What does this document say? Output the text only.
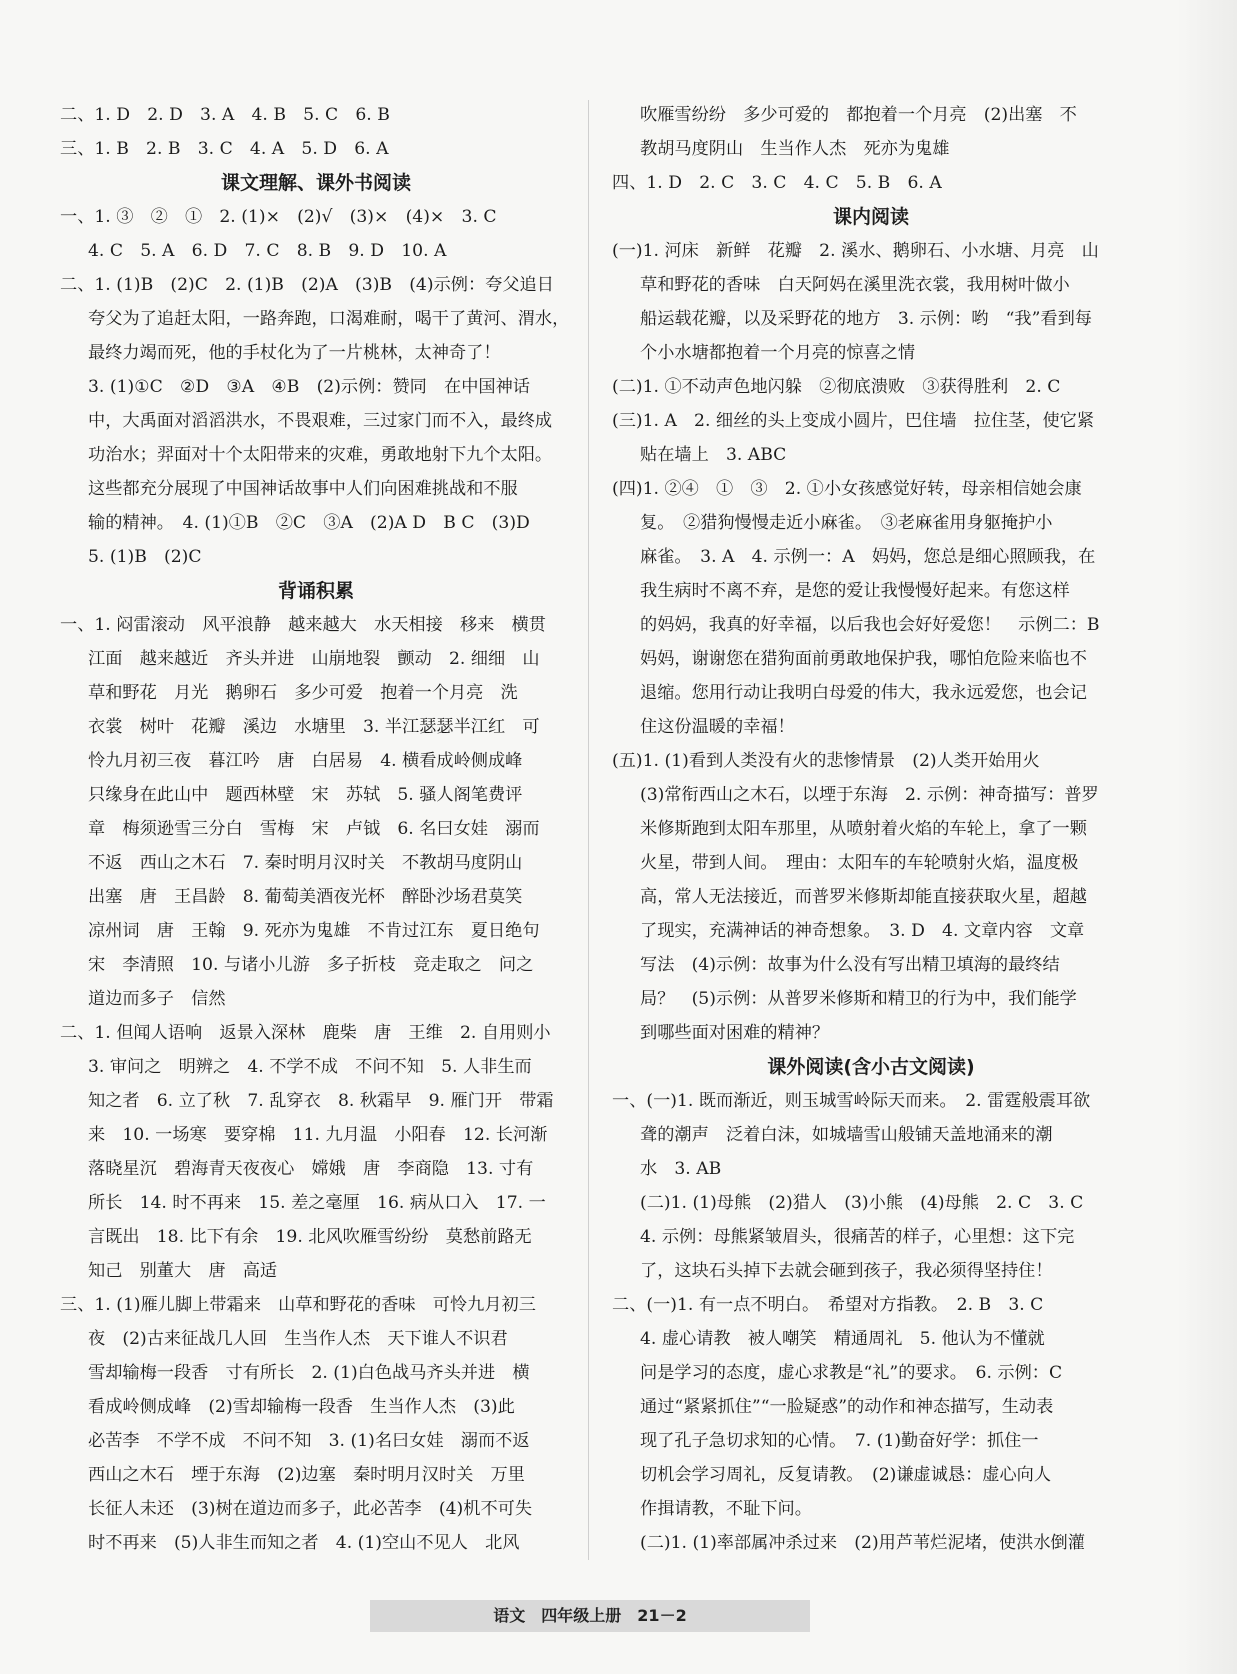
二、1. D　2. D　3. A　4. B　5. C　6. B
三、1. B　2. B　3. C　4. A　5. D　6. A
课文理解、课外书阅读
一、1. ③　②　①　2. (1)×　(2)√　(3)×　(4)×　3. C
4. C　5. A　6. D　7. C　8. B　9. D　10. A
二、1. (1)B　(2)C　2. (1)B　(2)A　(3)B　(4)示例：夸父追日
夸父为了追赶太阳，一路奔跑，口渴难耐，喝干了黄河、渭水，
最终力竭而死，他的手杖化为了一片桃林，太神奇了！
3. (1)①C　②D　③A　④B　(2)示例：赞同　在中国神话
中，大禹面对滔滔洪水，不畏艰难，三过家门而不入，最终成
功治水；羿面对十个太阳带来的灾难，勇敢地射下九个太阳。
这些都充分展现了中国神话故事中人们向困难挑战和不服
输的精神。　4. (1)①B　②C　③A　(2)A D　B C　(3)D
5. (1)B　(2)C
背诵积累
一、1. 闷雷滚动　风平浪静　越来越大　水天相接　移来　横贯
江面　越来越近　齐头并进　山崩地裂　颤动　2. 细细　山
草和野花　月光　鹅卵石　多少可爱　抱着一个月亮　洗
衣裳　树叶　花瓣　溪边　水塘里　3. 半江瑟瑟半江红　可
怜九月初三夜　暮江吟　唐　白居易　4. 横看成岭侧成峰
只缘身在此山中　题西林壁　宋　苏轼　5. 骚人阁笔费评
章　梅须逊雪三分白　雪梅　宋　卢钺　6. 名曰女娃　溺而
不返　西山之木石　7. 秦时明月汉时关　不教胡马度阴山
出塞　唐　王昌龄　8. 葡萄美酒夜光杯　醉卧沙场君莫笑
凉州词　唐　王翰　9. 死亦为鬼雄　不肯过江东　夏日绝句
宋　李清照　10. 与诸小儿游　多子折枝　竞走取之　问之
道边而多子　信然
二、1. 但闻人语响　返景入深林　鹿柴　唐　王维　2. 自用则小
3. 审问之　明辨之　4. 不学不成　不问不知　5. 人非生而
知之者　6. 立了秋　7. 乱穿衣　8. 秋霜早　9. 雁门开　带霜
来　10. 一场寒　要穿棉　11. 九月温　小阳春　12. 长河渐
落晓星沉　碧海青天夜夜心　嫦娥　唐　李商隐　13. 寸有
所长　14. 时不再来　15. 差之毫厘　16. 病从口入　17. 一
言既出　18. 比下有余　19. 北风吹雁雪纷纷　莫愁前路无
知己　别董大　唐　高适
三、1. (1)雁儿脚上带霜来　山草和野花的香味　可怜九月初三
夜　(2)古来征战几人回　生当作人杰　天下谁人不识君
雪却输梅一段香　寸有所长　2. (1)白色战马齐头并进　横
看成岭侧成峰　(2)雪却输梅一段香　生当作人杰　(3)此
必苦李　不学不成　不问不知　3. (1)名曰女娃　溺而不返
西山之木石　堙于东海　(2)边塞　秦时明月汉时关　万里
长征人未还　(3)树在道边而多子，此必苦李　(4)机不可失
时不再来　(5)人非生而知之者　4. (1)空山不见人　北风
吹雁雪纷纷　多少可爱的　都抱着一个月亮　(2)出塞　不
教胡马度阴山　生当作人杰　死亦为鬼雄
四、1. D　2. C　3. C　4. C　5. B　6. A
课内阅读
(一)1. 河床　新鲜　花瓣　2. 溪水、鹅卵石、小水塘、月亮　山
草和野花的香味　白天阿妈在溪里洗衣裳，我用树叶做小
船运载花瓣，以及采野花的地方　3. 示例：哟　“我”看到每
个小水塘都抱着一个月亮的惊喜之情
(二)1. ①不动声色地闪躲　②彻底溃败　③获得胜利　2. C
(三)1. A　2. 细丝的头上变成小圆片，巴住墙　拉住茎，使它紧
贴在墙上　3. ABC
(四)1. ②④　①　③　2. ①小女孩感觉好转，母亲相信她会康
复。　②猎狗慢慢走近小麻雀。　③老麻雀用身躯掩护小
麻雀。　3. A　4. 示例一：A　妈妈，您总是细心照顾我，在
我生病时不离不弃，是您的爱让我慢慢好起来。有您这样
的妈妈，我真的好幸福，以后我也会好好爱您！　示例二：B
妈妈，谢谢您在猎狗面前勇敢地保护我，哪怕危险来临也不
退缩。您用行动让我明白母爱的伟大，我永远爱您，也会记
住这份温暖的幸福！
(五)1. (1)看到人类没有火的悲惨情景　(2)人类开始用火
(3)常衔西山之木石，以堙于东海　2. 示例：神奇描写：普罗
米修斯跑到太阳车那里，从喷射着火焰的车轮上，拿了一颗
火星，带到人间。　理由：太阳车的车轮喷射火焰，温度极
高，常人无法接近，而普罗米修斯却能直接获取火星，超越
了现实，充满神话的神奇想象。　3. D　4. 文章内容　文章
写法　(4)示例：故事为什么没有写出精卫填海的最终结
局？　(5)示例：从普罗米修斯和精卫的行为中，我们能学
到哪些面对困难的精神？
课外阅读(含小古文阅读)
一、(一)1. 既而渐近，则玉城雪岭际天而来。　2. 雷霆般震耳欲
聋的潮声　泛着白沫，如城墙雪山般铺天盖地涌来的潮
水　3. AB
(二)1. (1)母熊　(2)猎人　(3)小熊　(4)母熊　2. C　3. C
4. 示例：母熊紧皱眉头，很痛苦的样子，心里想：这下完
了，这块石头掉下去就会砸到孩子，我必须得坚持住！
二、(一)1. 有一点不明白。　希望对方指教。　2. B　3. C
4. 虚心请教　被人嘲笑　精通周礼　5. 他认为不懂就
问是学习的态度，虚心求教是“礼”的要求。　6. 示例：C
通过“紧紧抓住”“一脸疑惑”的动作和神态描写，生动表
现了孔子急切求知的心情。　7. (1)勤奋好学：抓住一
切机会学习周礼，反复请教。　(2)谦虚诚恳：虚心向人
作揖请教，不耻下问。
(二)1. (1)率部属冲杀过来　(2)用芦苇烂泥堵，使洪水倒灌
语文　四年级上册　21－2
